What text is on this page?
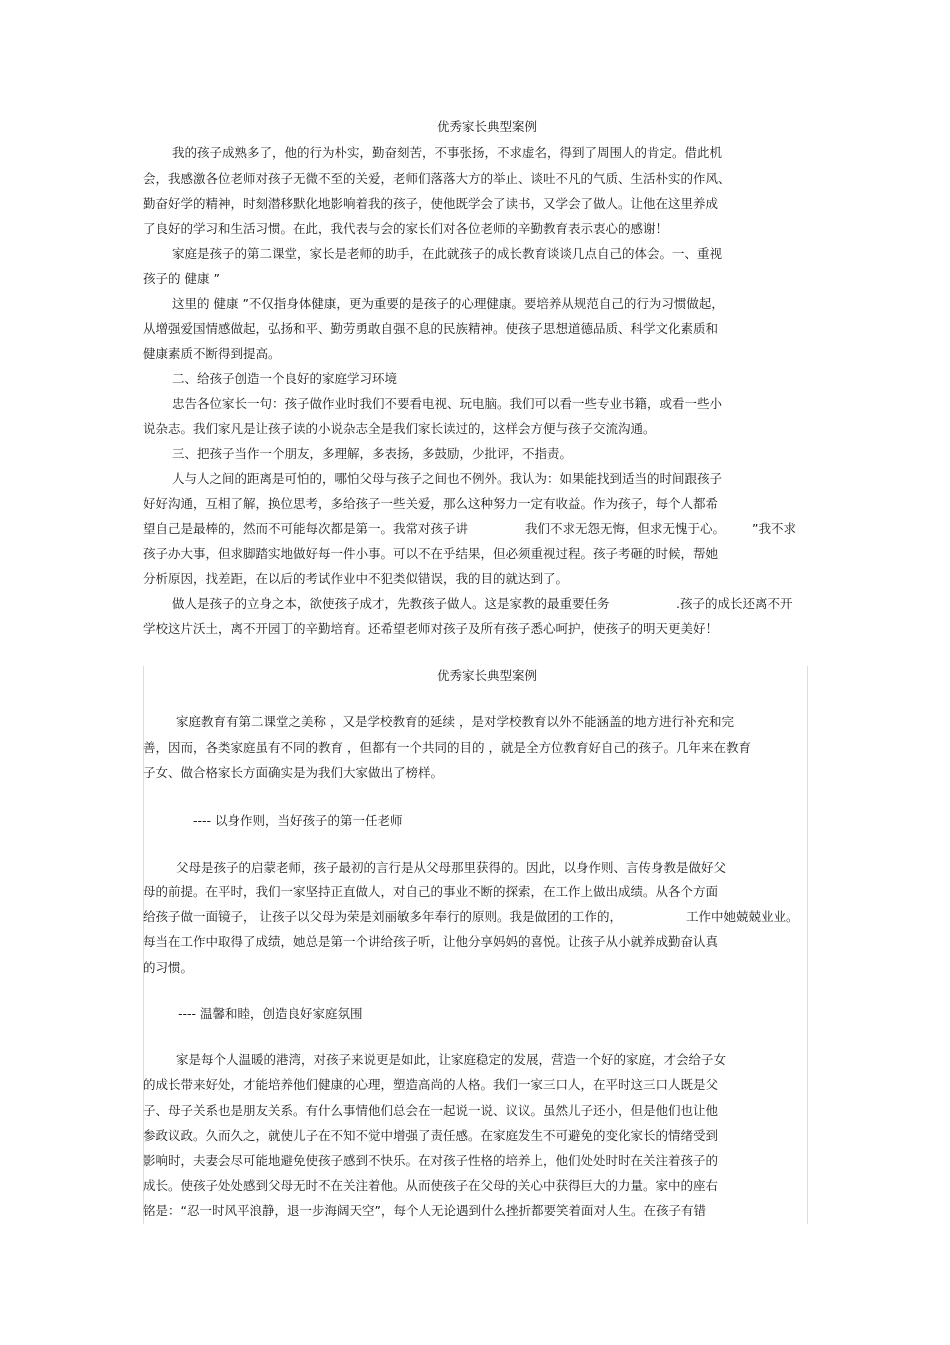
优秀家长典型案例
我的孩子成熟多了，他的行为朴实，勤奋刻苦，不事张扬，不求虚名，得到了周围人的肯定。借此机
会，我感激各位老师对孩子无微不至的关爱，老师们落落大方的举止、谈吐不凡的气质、生活朴实的作风、
勤奋好学的精神，时刻潜移默化地影响着我的孩子，使他既学会了读书，又学会了做人。让他在这里养成
了良好的学习和生活习惯。在此，我代表与会的家长们对各位老师的辛勤教育表示衷心的感谢！
家庭是孩子的第二课堂，家长是老师的助手，在此就孩子的成长教育谈谈几点自己的体会。一、重视
孩子的 健康 ”
这里的 健康 ”不仅指身体健康，更为重要的是孩子的心理健康。要培养从规范自己的行为习惯做起，
从增强爱国情感做起，弘扬和平、勤劳勇敢自强不息的民族精神。使孩子思想道德品质、科学文化素质和
健康素质不断得到提高。
二、给孩子创造一个良好的家庭学习环境
忠告各位家长一句：孩子做作业时我们不要看电视、玩电脑。我们可以看一些专业书籍，或看一些小
说杂志。我们家凡是让孩子读的小说杂志全是我们家长读过的，这样会方便与孩子交流沟通。
三、把孩子当作一个朋友，多理解，多表扬，多鼓励，少批评，不指责。
人与人之间的距离是可怕的，哪怕父母与孩子之间也不例外。我认为：如果能找到适当的时间跟孩子
好好沟通，互相了解，换位思考，多给孩子一些关爱，那么这种努力一定有收益。作为孩子，每个人都希
望自己是最棒的，然而不可能每次都是第一。我常对孩子讲	我们不求无怨无悔，但求无愧于心。 ”我不求
孩子办大事，但求脚踏实地做好每一件小事。可以不在乎结果，但必须重视过程。孩子考砸的时候，帮她
分析原因，找差距，在以后的考试作业中不犯类似错误，我的目的就达到了。
做人是孩子的立身之本，欲使孩子成才，先教孩子做人。这是家教的最重要任务	.孩子的成长还离不开
学校这片沃土，离不开园丁的辛勤培育。还希望老师对孩子及所有孩子悉心呵护，使孩子的明天更美好！
优秀家长典型案例
家庭教育有第二课堂之美称 ，又是学校教育的延续 ，是对学校教育以外不能涵盖的地方进行补充和完
善，因而，各类家庭虽有不同的教育 ，但都有一个共同的目的 ，就是全方位教育好自己的孩子。几年来在教育
子女、做合格家长方面确实是为我们大家做出了榜样。
---- 以身作则，当好孩子的第一任老师
父母是孩子的启蒙老师，孩子最初的言行是从父母那里获得的。因此，以身作则、言传身教是做好父
母的前提。在平时，我们一家坚持正直做人，对自己的事业不断的探索，在工作上做出成绩。从各个方面
给孩子做一面镜子， 让孩子以父母为荣是刘丽敏多年奉行的原则。我是做团的工作的，	工作中她兢兢业业。
每当在工作中取得了成绩，她总是第一个讲给孩子听，让他分享妈妈的喜悦。让孩子从小就养成勤奋认真
的习惯。
---- 温馨和睦，创造良好家庭氛围
家是每个人温暖的港湾，对孩子来说更是如此，让家庭稳定的发展，营造一个好的家庭，才会给子女
的成长带来好处，才能培养他们健康的心理，塑造高尚的人格。我们一家三口人，在平时这三口人既是父
子、母子关系也是朋友关系。有什么事情他们总会在一起说一说、议议。虽然儿子还小，但是他们也让他
参政议政。久而久之，就使儿子在不知不觉中增强了责任感。在家庭发生不可避免的变化家长的情绪受到
影响时，夫妻会尽可能地避免使孩子感到不快乐。在对孩子性格的培养上，他们处处时时在关注着孩子的
成长。使孩子处处感到父母无时不在关注着他。从而使孩子在父母的关心中获得巨大的力量。家中的座右
铭是：“忍一时风平浪静，退一步海阔天空”，每个人无论遇到什么挫折都要笑着面对人生。在孩子有错
